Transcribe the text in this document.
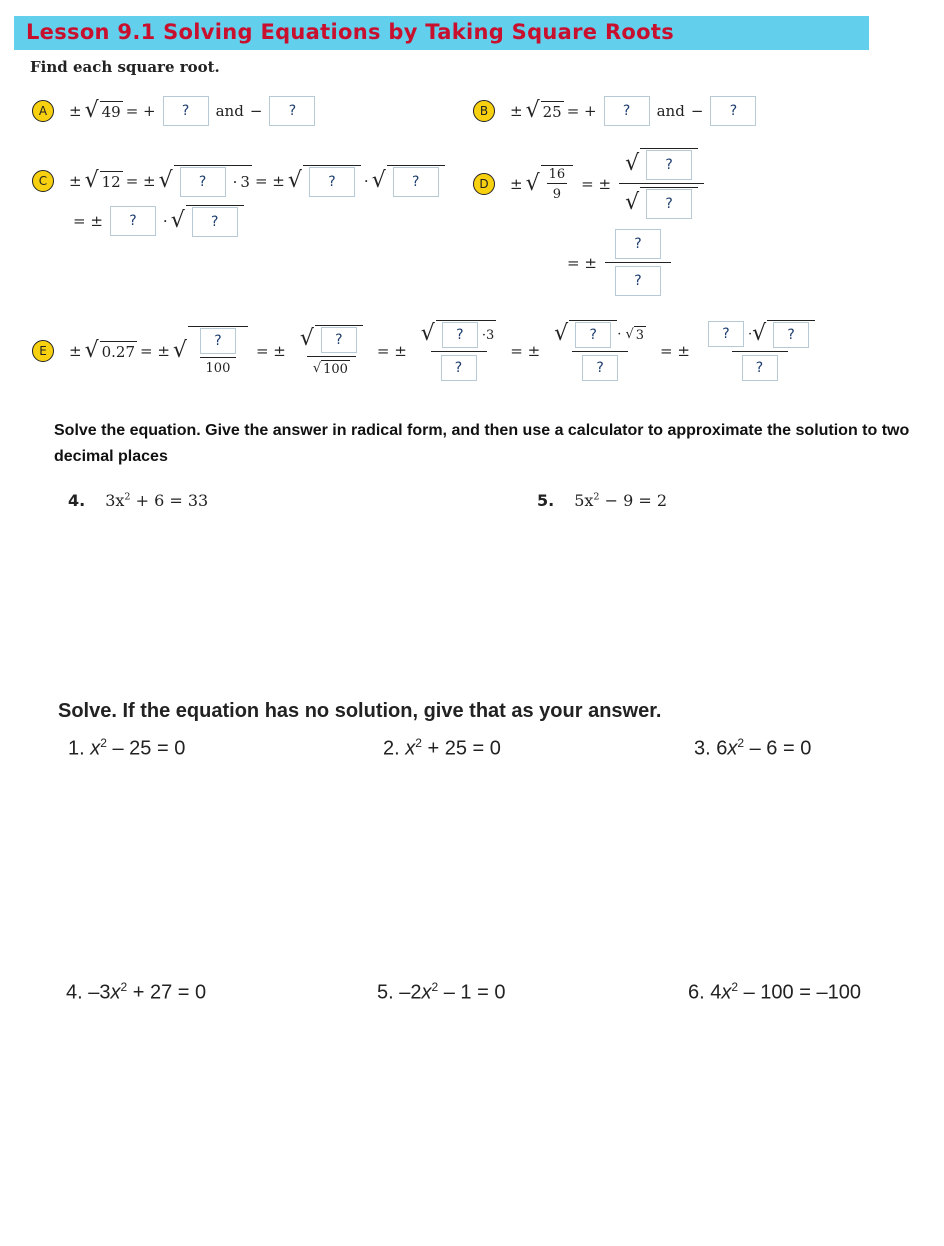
Lesson 9.1 Solving Equations by Taking Square Roots
Find each square root.
A	± √ 49 = +	?	and −	?	B	± √ 25 = +	?	and −	?
C	± √ 12 = ± √	?	· 3 = ± √	?	· √	?
= ±	?	· √	?
D	± √ $\frac{16}{9}$ = ± √	?
√	?
= ± $\frac{?}{?}$
E	± √ 0.27 = ± √ $\frac{?}{100}$ = ± √	?
√ 100 = ± √	?	· 3
? = ± √	?	· √ 3
? = ± ?	· √	?
?
Solve the equation. Give the answer in radical form, and then use a calculator to approximate the solution to two decimal places
4. $3x^2 + 6 = 33$	5. $5x^2 - 9 = 2$
Solve. If the equation has no solution, give that as your answer.
1. $x^2 - 25 = 0$	2. $x^2 + 25 = 0$	3. $6x^2 - 6 = 0$
4. $-3x^2 + 27 = 0$	5. $-2x^2 - 1 = 0$	6. $4x^2 - 100 = -100$
